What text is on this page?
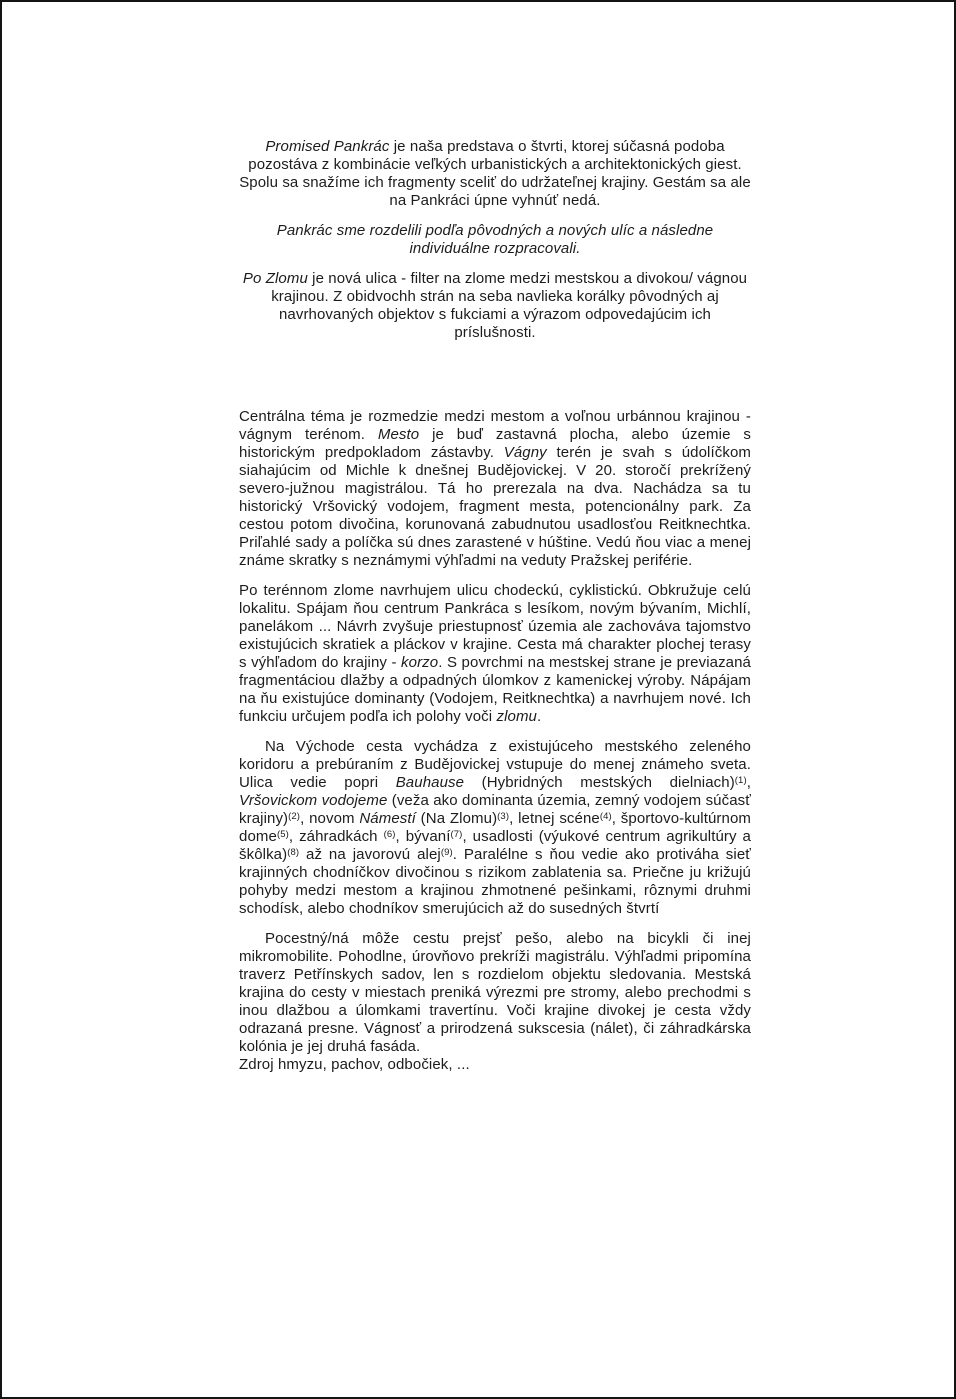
Promised Pankrác je naša predstava o štvrti, ktorej súčasná podoba pozostáva z kombinácie veľkých urbanistických a architektonických giest. Spolu sa snažíme ich fragmenty sceliť do udržateľnej krajiny. Gestám sa ale na Pankráci úpne vyhnúť nedá.

Pankrác sme rozdelili podľa pôvodných a nových ulíc a následne individuálne rozpracovali.

Po Zlomu je nová ulica - filter na zlome medzi mestskou a divokou/ vágnou krajinou. Z obidvochh strán na seba navlieka korálky pôvodných aj navrhovaných objektov s fukciami a výrazom odpovedajúcim ich príslušnosti.

Centrálna téma je rozmedzie medzi mestom a voľnou urbánnou krajinou - vágnym terénom. Mesto je buď zastavná plocha, alebo územie s historickým predpokladom zástavby. Vágny terén je svah s údolíčkom siahajúcim od Michle k dnešnej Budějovickej. V 20. storočí prekrížený severo-južnou magistrálou. Tá ho prerezala na dva. Nachádza sa tu historický Vršovický vodojem, fragment mesta, potencionálny park. Za cestou potom divočina, korunovaná zabudnutou usadlosťou Reitknechtka. Priľahlé sady a políčka sú dnes zarastené v húštine. Vedú ňou viac a menej známe skratky s neznámymi výhľadmi na veduty Pražskej periférie.

Po terénnom zlome navrhujem ulicu chodeckú, cyklistickú. Obkružuje celú lokalitu. Spájam ňou centrum Pankráca s lesíkom, novým bývaním, Michlí, panelákom ... Návrh zvyšuje priestupnosť územia ale zachováva tajomstvo existujúcich skratiek a pláckov v krajine. Cesta má charakter plochej terasy s výhľadom do krajiny - korzo. S povrchmi na mestskej strane je previazaná fragmentáciou dlažby a odpadných úlomkov z kamenickej výroby. Nápájam na ňu existujúce dominanty (Vodojem, Reitknechtka) a navrhujem nové. Ich funkciu určujem podľa ich polohy voči zlomu.

Na Východe cesta vychádza z existujúceho mestského zeleného koridoru a prebúraním z Budějovickej vstupuje do menej známeho sveta. Ulica vedie popri Bauhause (Hybridných mestských dielniach)$^{(1)}$, Vršovickom vodojeme (veža ako dominanta územia, zemný vodojem súčasť krajiny)$^{(2)}$, novom Námestí (Na Zlomu)$^{(3)}$, letnej scéne$^{(4)}$, športovo-kultúrnom dome$^{(5)}$, záhradkách $^{(6)}$, bývaní$^{(7)}$, usadlosti (výukové centrum agrikultúry a škôlka)$^{(8)}$ až na javorovú alej$^{(9)}$. Paralélne s ňou vedie ako protiváha sieť krajinných chodníčkov divočinou s rizikom zablatenia sa. Priečne ju križujú pohyby medzi mestom a krajinou zhmotnené pešinkami, rôznymi druhmi schodísk, alebo chodníkov smerujúcich až do susedných štvrtí

Pocestný/ná môže cestu prejsť pešo, alebo na bicykli či inej mikromobilite. Pohodlne, úrovňovo prekríži magistrálu. Výhľadmi pripomína traverz Petřínskych sadov, len s rozdielom objektu sledovania. Mestská krajina do cesty v miestach preniká výrezmi pre stromy, alebo prechodmi s inou dlažbou a úlomkami travertínu. Voči krajine divokej je cesta vždy odrazaná presne. Vágnosť a prirodzená sukscesia (nálet), či záhradkárska kolónia je jej druhá fasáda.

Zdroj hmyzu, pachov, odbočiek, ...
